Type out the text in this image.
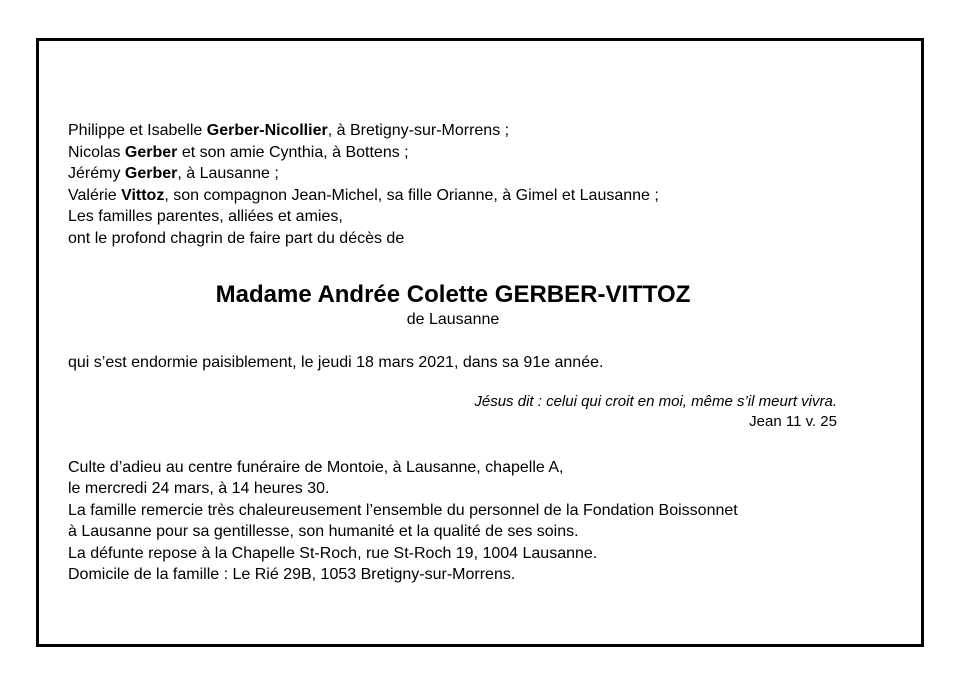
Philippe et Isabelle Gerber-Nicollier, à Bretigny-sur-Morrens ;
Nicolas Gerber et son amie Cynthia, à Bottens ;
Jérémy Gerber, à Lausanne ;
Valérie Vittoz, son compagnon Jean-Michel, sa fille Orianne, à Gimel et Lausanne ;
Les familles parentes, alliées et amies,
ont le profond chagrin de faire part du décès de
Madame Andrée Colette GERBER-VITTOZ
de Lausanne
qui s’est endormie paisiblement, le jeudi 18 mars 2021, dans sa 91e année.
Jésus dit : celui qui croit en moi, même s’il meurt vivra.
Jean 11 v. 25
Culte d’adieu au centre funéraire de Montoie, à Lausanne, chapelle A,
le mercredi 24 mars, à 14 heures 30.
La famille remercie très chaleureusement l’ensemble du personnel de la Fondation Boissonnet
à Lausanne pour sa gentillesse, son humanité et la qualité de ses soins.
La défunte repose à la Chapelle St-Roch, rue St-Roch 19, 1004 Lausanne.
Domicile de la famille : Le Rié 29B, 1053 Bretigny-sur-Morrens.
